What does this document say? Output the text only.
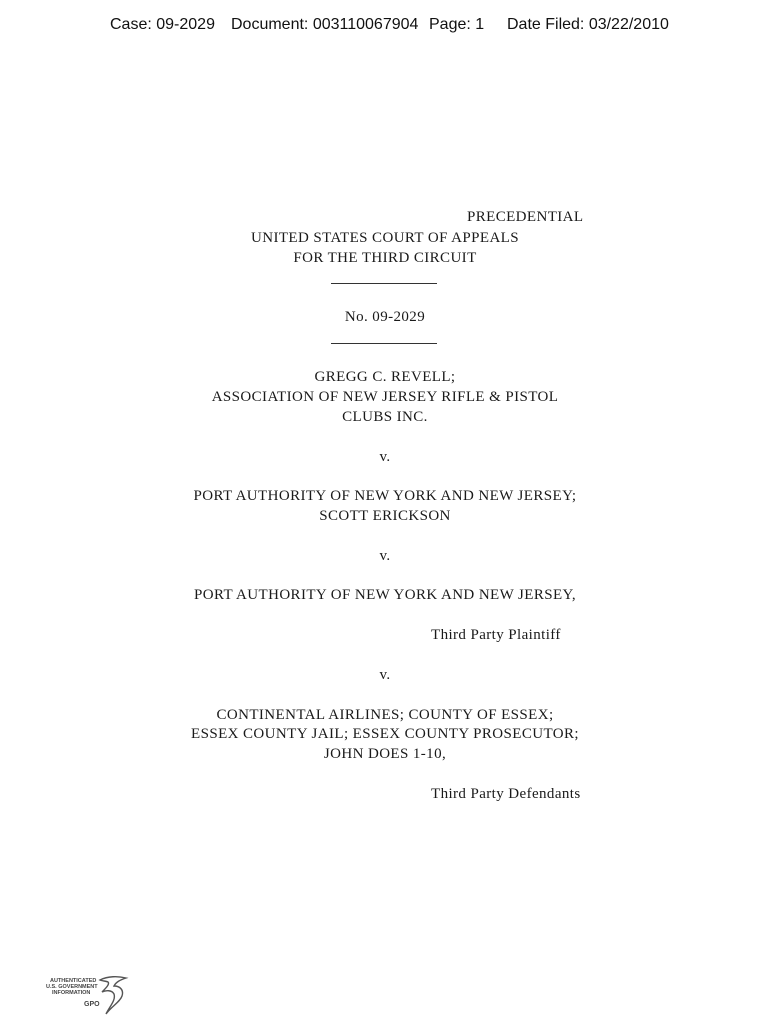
Case: 09-2029 Document: 003110067904 Page: 1 Date Filed: 03/22/2010
PRECEDENTIAL
UNITED STATES COURT OF APPEALS
FOR THE THIRD CIRCUIT
No. 09-2029
GREGG C. REVELL;
ASSOCIATION OF NEW JERSEY RIFLE & PISTOL
CLUBS INC.
v.
PORT AUTHORITY OF NEW YORK AND NEW JERSEY;
SCOTT ERICKSON
v.
PORT AUTHORITY OF NEW YORK AND NEW JERSEY,
Third Party Plaintiff
v.
CONTINENTAL AIRLINES; COUNTY OF ESSEX;
ESSEX COUNTY JAIL; ESSEX COUNTY PROSECUTOR;
JOHN DOES 1-10,
Third Party Defendants
AUTHENTICATED
U.S. GOVERNMENT
INFORMATION
GPO
